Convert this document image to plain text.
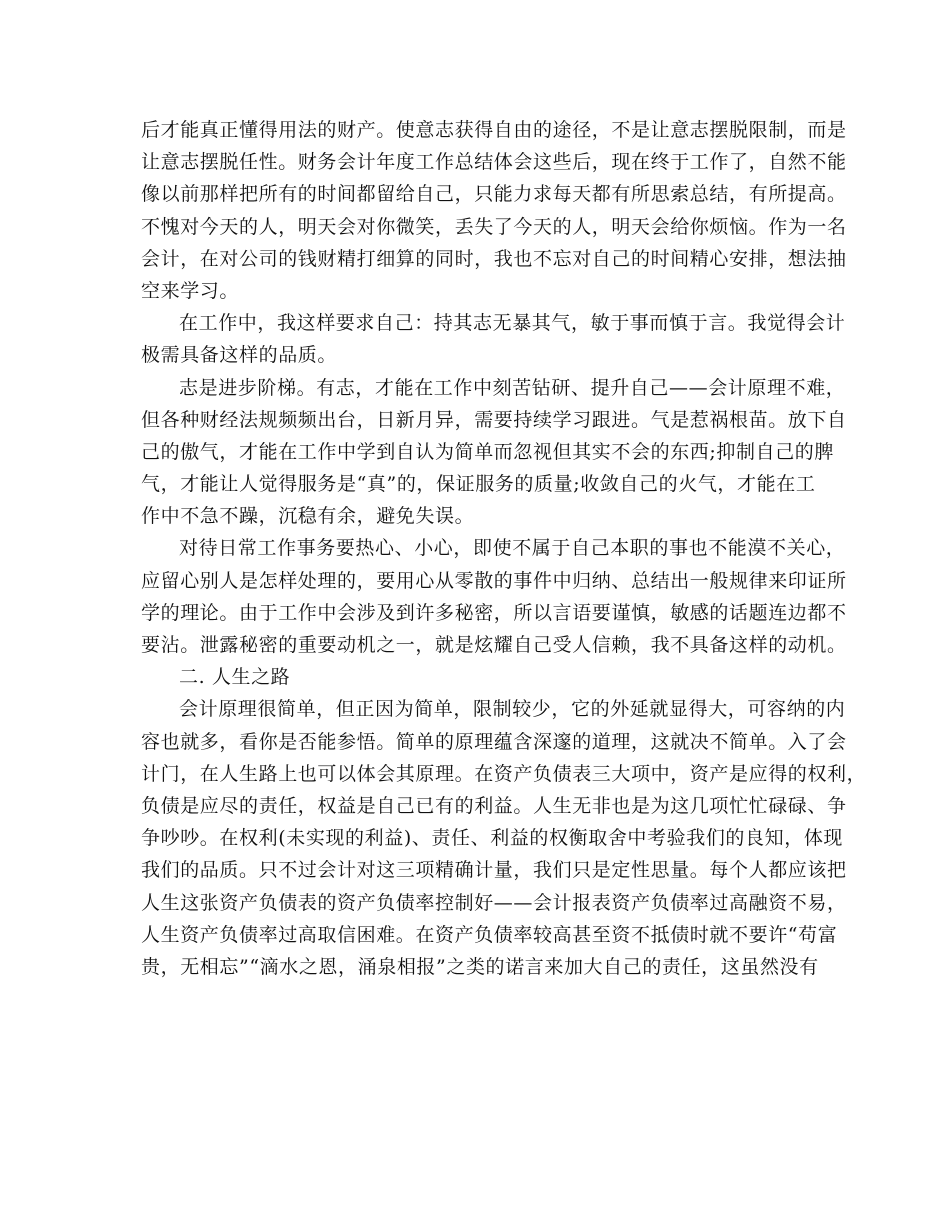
后才能真正懂得用法的财产。使意志获得自由的途径，不是让意志摆脱限制，而是
让意志摆脱任性。财务会计年度工作总结体会这些后，现在终于工作了，自然不能
像以前那样把所有的时间都留给自己，只能力求每天都有所思索总结，有所提高。
不愧对今天的人，明天会对你微笑，丢失了今天的人，明天会给你烦恼。作为一名
会计，在对公司的钱财精打细算的同时，我也不忘对自己的时间精心安排，想法抽
空来学习。
在工作中，我这样要求自己：持其志无暴其气，敏于事而慎于言。我觉得会计
极需具备这样的品质。
志是进步阶梯。有志，才能在工作中刻苦钻研、提升自己——会计原理不难，
但各种财经法规频频出台，日新月异，需要持续学习跟进。气是惹祸根苗。放下自
己的傲气，才能在工作中学到自认为简单而忽视但其实不会的东西;抑制自己的脾
气，才能让人觉得服务是“真”的，保证服务的质量;收敛自己的火气，才能在工
作中不急不躁，沉稳有余，避免失误。
对待日常工作事务要热心、小心，即使不属于自己本职的事也不能漠不关心，
应留心别人是怎样处理的，要用心从零散的事件中归纳、总结出一般规律来印证所
学的理论。由于工作中会涉及到许多秘密，所以言语要谨慎，敏感的话题连边都不
要沾。泄露秘密的重要动机之一，就是炫耀自己受人信赖，我不具备这样的动机。
二. 人生之路
会计原理很简单，但正因为简单，限制较少，它的外延就显得大，可容纳的内
容也就多，看你是否能参悟。简单的原理蕴含深邃的道理，这就决不简单。入了会
计门，在人生路上也可以体会其原理。在资产负债表三大项中，资产是应得的权利，
负债是应尽的责任，权益是自己已有的利益。人生无非也是为这几项忙忙碌碌、争
争吵吵。在权利(未实现的利益)、责任、利益的权衡取舍中考验我们的良知，体现
我们的品质。只不过会计对这三项精确计量，我们只是定性思量。每个人都应该把
人生这张资产负债表的资产负债率控制好——会计报表资产负债率过高融资不易，
人生资产负债率过高取信困难。在资产负债率较高甚至资不抵债时就不要许“苟富
贵，无相忘”“滴水之恩，涌泉相报”之类的诺言来加大自己的责任，这虽然没有
